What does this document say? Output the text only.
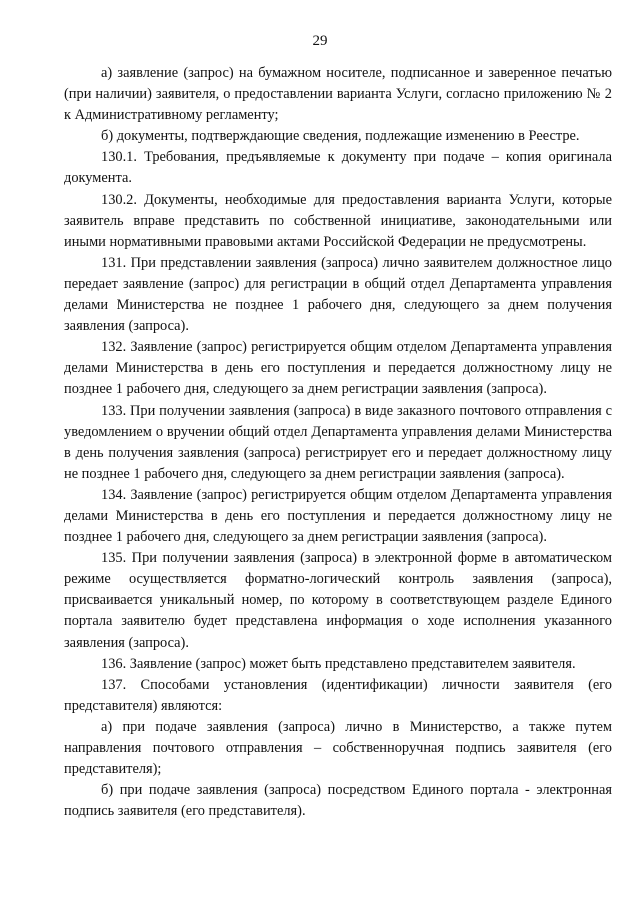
29

а) заявление (запрос) на бумажном носителе, подписанное и заверенное печатью (при наличии) заявителя, о предоставлении варианта Услуги, согласно приложению № 2 к Административному регламенту;

б) документы, подтверждающие сведения, подлежащие изменению в Реестре.

130.1. Требования, предъявляемые к документу при подаче – копия оригинала документа.

130.2. Документы, необходимые для предоставления варианта Услуги, которые заявитель вправе представить по собственной инициативе, законодательными или иными нормативными правовыми актами Российской Федерации не предусмотрены.

131. При представлении заявления (запроса) лично заявителем должностное лицо передает заявление (запрос) для регистрации в общий отдел Департамента управления делами Министерства не позднее 1 рабочего дня, следующего за днем получения заявления (запроса).

132. Заявление (запрос) регистрируется общим отделом Департамента управления делами Министерства в день его поступления и передается должностному лицу не позднее 1 рабочего дня, следующего за днем регистрации заявления (запроса).

133. При получении заявления (запроса) в виде заказного почтового отправления с уведомлением о вручении общий отдел Департамента управления делами Министерства в день получения заявления (запроса) регистрирует его и передает должностному лицу не позднее 1 рабочего дня, следующего за днем регистрации заявления (запроса).

134. Заявление (запрос) регистрируется общим отделом Департамента управления делами Министерства в день его поступления и передается должностному лицу не позднее 1 рабочего дня, следующего за днем регистрации заявления (запроса).

135. При получении заявления (запроса) в электронной форме в автоматическом режиме осуществляется форматно-логический контроль заявления (запроса), присваивается уникальный номер, по которому в соответствующем разделе Единого портала заявителю будет представлена информация о ходе исполнения указанного заявления (запроса).

136. Заявление (запрос) может быть представлено представителем заявителя.

137. Способами установления (идентификации) личности заявителя (его представителя) являются:

а) при подаче заявления (запроса) лично в Министерство, а также путем направления почтового отправления – собственноручная подпись заявителя (его представителя);

б) при подаче заявления (запроса) посредством Единого портала - электронная подпись заявителя (его представителя).
